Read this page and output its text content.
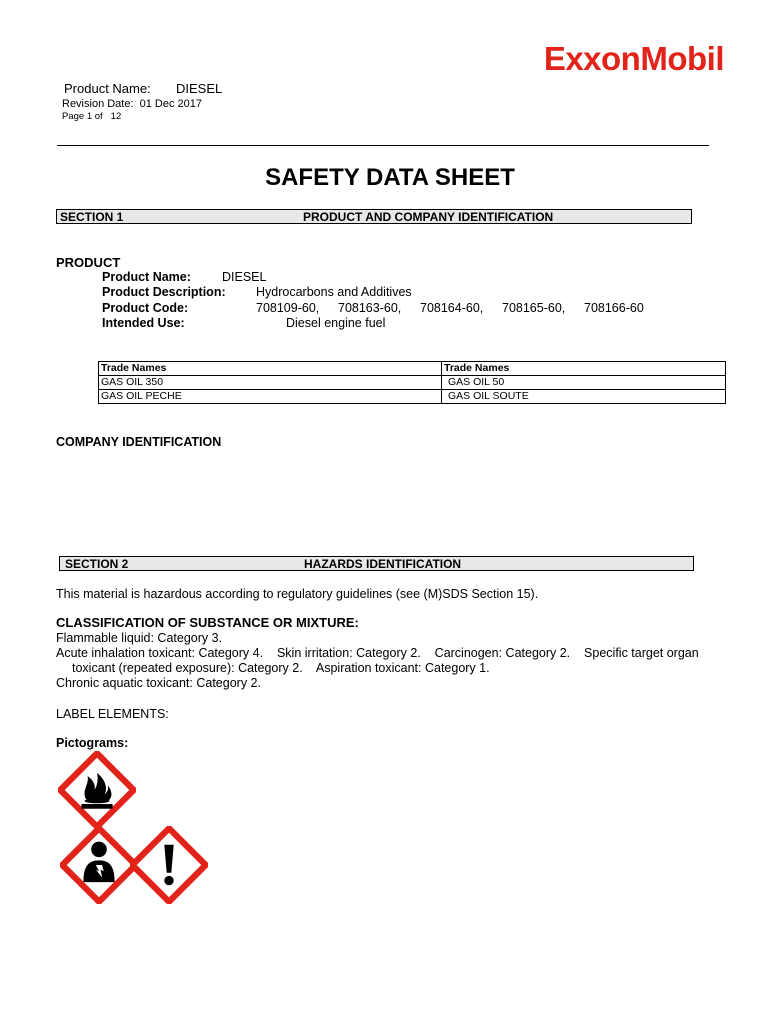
Product Name: DIESEL
Revision Date: 01 Dec 2017
Page 1 of 12
ExxonMobil
SAFETY DATA SHEET
SECTION 1	PRODUCT AND COMPANY IDENTIFICATION
PRODUCT
Product Name: DIESEL
Product Description: Hydrocarbons and Additives
Product Code:	708109-60, 708163-60, 708164-60, 708165-60, 708166-60
Intended Use:	Diesel engine fuel
Trade Names	Trade Names
GAS OIL 350	GAS OIL 50
GAS OIL PECHE	GAS OIL SOUTE
COMPANY IDENTIFICATION
SECTION 2	HAZARDS IDENTIFICATION
This material is hazardous according to regulatory guidelines (see (M)SDS Section 15).
CLASSIFICATION OF SUBSTANCE OR MIXTURE:
Flammable liquid: Category 3.
Acute inhalation toxicant: Category 4.    Skin irritation: Category 2.    Carcinogen: Category 2.    Specific target organ
toxicant (repeated exposure): Category 2.    Aspiration toxicant: Category 1.
Chronic aquatic toxicant: Category 2.
LABEL ELEMENTS:
Pictograms:
